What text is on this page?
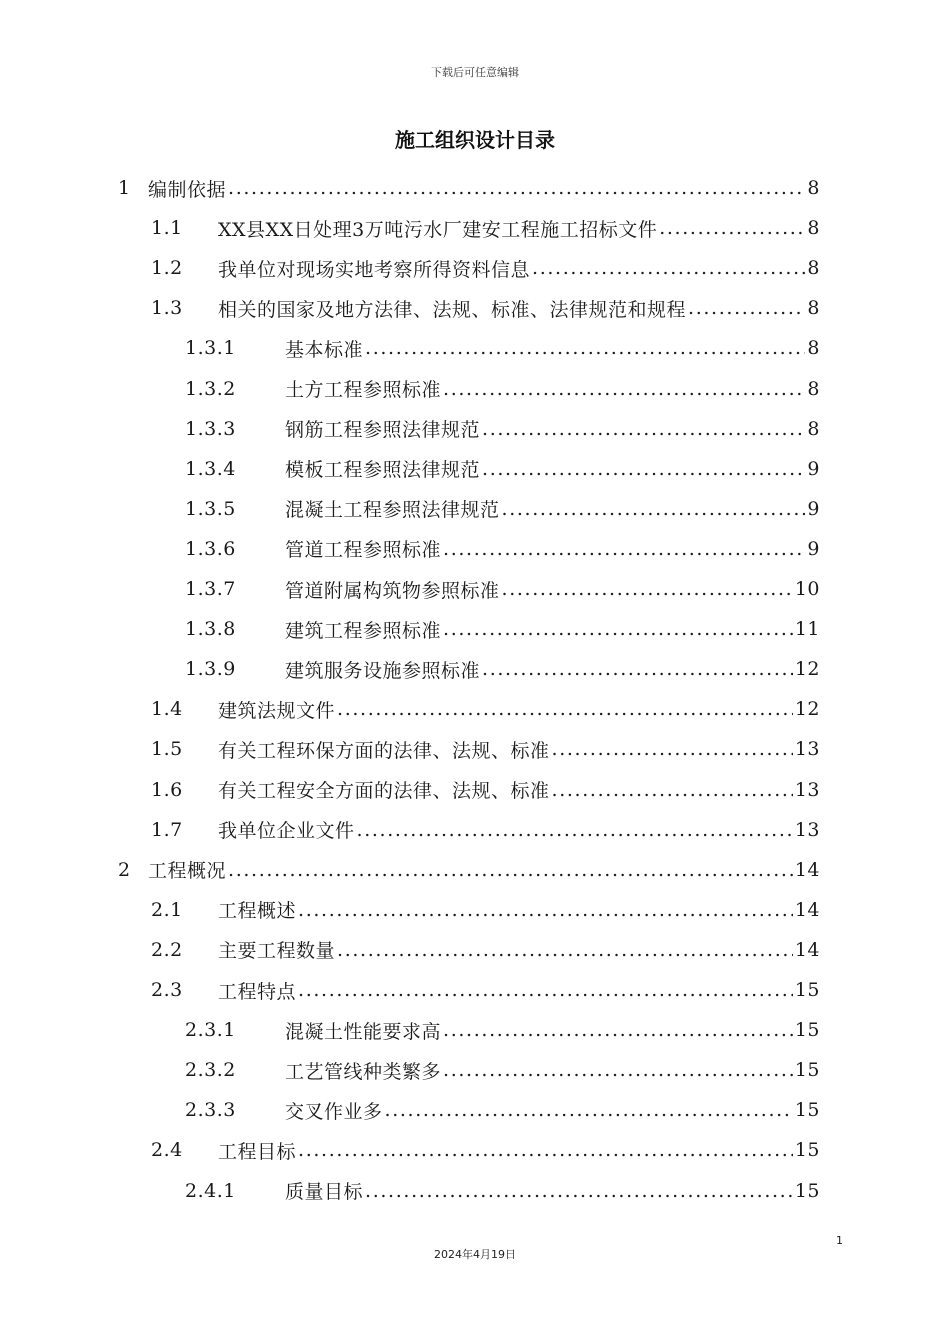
下载后可任意编辑
施工组织设计目录
1 编制依据 . . .	8
1.1	XX县XX日处理3万吨污水厂建安工程施工招标文件 . . .	8
1.2	我单位对现场实地考察所得资料信息 . . .	8
1.3	相关的国家及地方法律、法规、标准、法律规范和规程 . . .	8
1.3.1	基本标准 . . .	8
1.3.2	土方工程参照标准 . . .	8
1.3.3	钢筋工程参照法律规范 . . .	8
1.3.4	模板工程参照法律规范 . . .	9
1.3.5	混凝土工程参照法律规范 . . .	9
1.3.6	管道工程参照标准 . . .	9
1.3.7	管道附属构筑物参照标准 . . .	10
1.3.8	建筑工程参照标准 . . .	11
1.3.9	建筑服务设施参照标准 . . .	12
1.4	建筑法规文件 . . .	12
1.5	有关工程环保方面的法律、法规、标准 . . .	13
1.6	有关工程安全方面的法律、法规、标准 . . .	13
1.7	我单位企业文件 . . .	13
2 工程概况 . . .	14
2.1	工程概述 . . .	14
2.2	主要工程数量 . . .	14
2.3	工程特点 . . .	15
2.3.1	混凝土性能要求高 . . .	15
2.3.2	工艺管线种类繁多 . . .	15
2.3.3	交叉作业多 . . .	15
2.4	工程目标 . . .	15
2.4.1	质量目标 . . .	15
1
2024年4月19日
